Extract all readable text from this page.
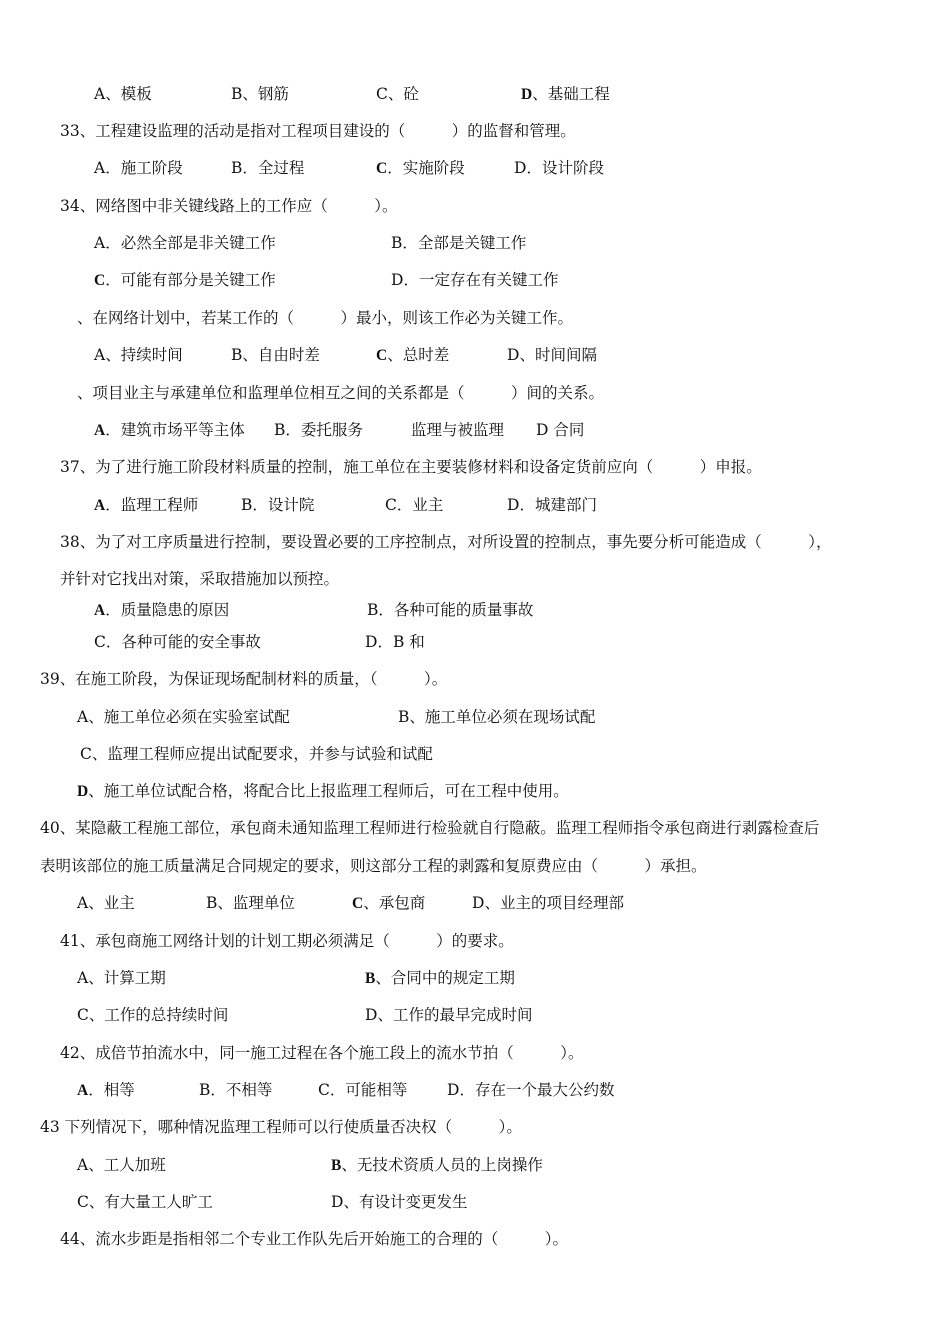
A、模板	B、钢筋	C、砼	D、基础工程
33、工程建设监理的活动是指对工程项目建设的（　　　）的监督和管理。
A．施工阶段	B．全过程	C．实施阶段	D．设计阶段
34、网络图中非关键线路上的工作应（　　　）。
A．必然全部是非关键工作	B．全部是关键工作
C．可能有部分是关键工作	D．一定存在有关键工作
、在网络计划中，若某工作的（　　　）最小，则该工作必为关键工作。
A、持续时间	B、自由时差	C、总时差	D、时间间隔
、项目业主与承建单位和监理单位相互之间的关系都是（　　　）间的关系。
A．建筑市场平等主体 B．委托服务	监理与被监理 D 合同
37、为了进行施工阶段材料质量的控制，施工单位在主要装修材料和设备定货前应向（　　　）申报。
A．监理工程师	B．设计院	C．业主	D．城建部门
38、为了对工序质量进行控制，要设置必要的工序控制点，对所设置的控制点，事先要分析可能造成（　　　），
并针对它找出对策，采取措施加以预控。
A．质量隐患的原因	B．各种可能的质量事故
C．各种可能的安全事故	D．B 和
39、在施工阶段，为保证现场配制材料的质量，（　　　）。
A、施工单位必须在实验室试配	B、施工单位必须在现场试配
C、监理工程师应提出试配要求，并参与试验和试配
D、施工单位试配合格，将配合比上报监理工程师后，可在工程中使用。
40、某隐蔽工程施工部位，承包商未通知监理工程师进行检验就自行隐蔽。监理工程师指令承包商进行剥露检查后
表明该部位的施工质量满足合同规定的要求，则这部分工程的剥露和复原费应由（　　　）承担。
A、业主	B、监理单位	C、承包商	D、业主的项目经理部
41、承包商施工网络计划的计划工期必须满足（　　　）的要求。
A、计算工期	B、合同中的规定工期
C、工作的总持续时间	D、工作的最早完成时间
42、成倍节拍流水中，同一施工过程在各个施工段上的流水节拍（　　　）。
A．相等	B．不相等	C．可能相等	D．存在一个最大公约数
43 下列情况下，哪种情况监理工程师可以行使质量否决权（　　　）。
A、工人加班	B、无技术资质人员的上岗操作
C、有大量工人旷工	D、有设计变更发生
44、流水步距是指相邻二个专业工作队先后开始施工的合理的（　　　）。
